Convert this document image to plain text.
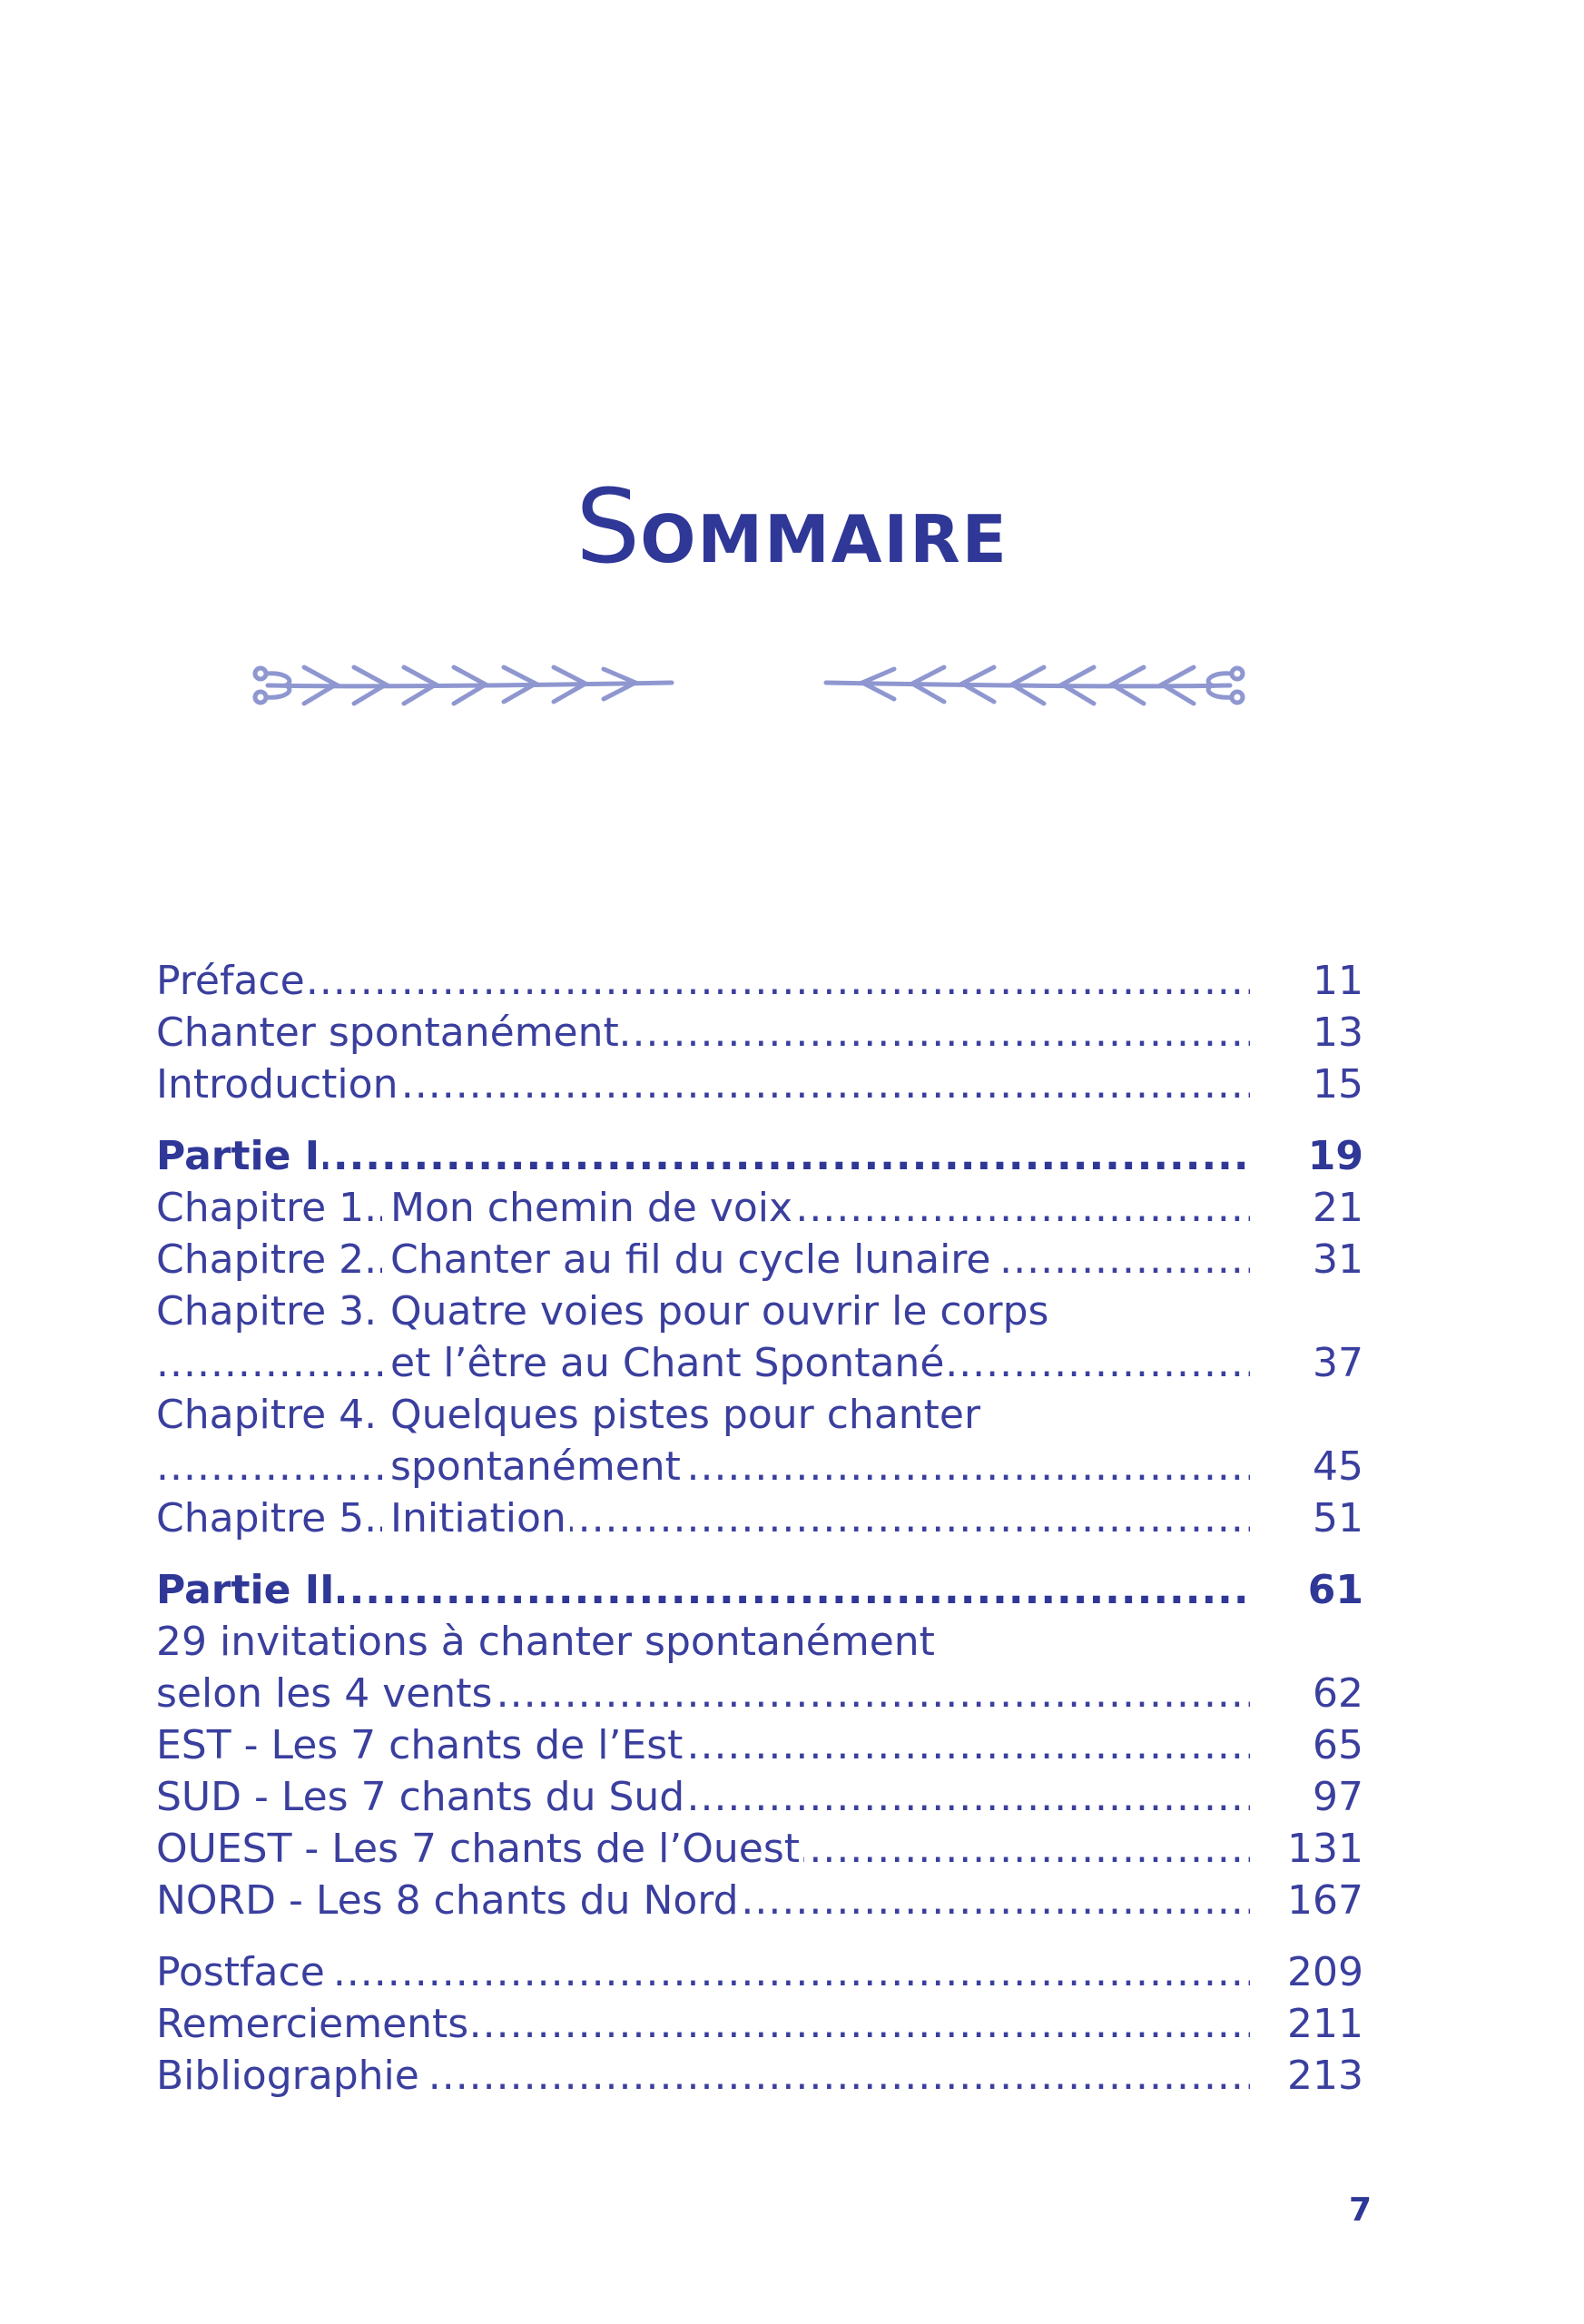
SOMMAIRE
.....
Préface	11
.....
Chanter spontanément	13
.....
Introduction	15
.....
Partie I	19
.....
Chapitre 1. Mon chemin de voix	21
.....
Chapitre 2. Chanter au fil du cycle lunaire	31
Chapitre 3. Quatre voies pour ouvrir le corps
.....
et l’être au Chant Spontané	37
Chapitre 4. Quelques pistes pour chanter
.....
spontanément	45
.....
Chapitre 5. Initiation	51
.....
Partie II	61
29 invitations à chanter spontanément
.....
selon les 4 vents	62
.....
EST - Les 7 chants de l’Est	65
.....
SUD - Les 7 chants du Sud	97
.....
OUEST - Les 7 chants de l’Ouest	131
.....
NORD - Les 8 chants du Nord	167
.....
Postface	209
.....
Remerciements	211
.....
Bibliographie	213
7
